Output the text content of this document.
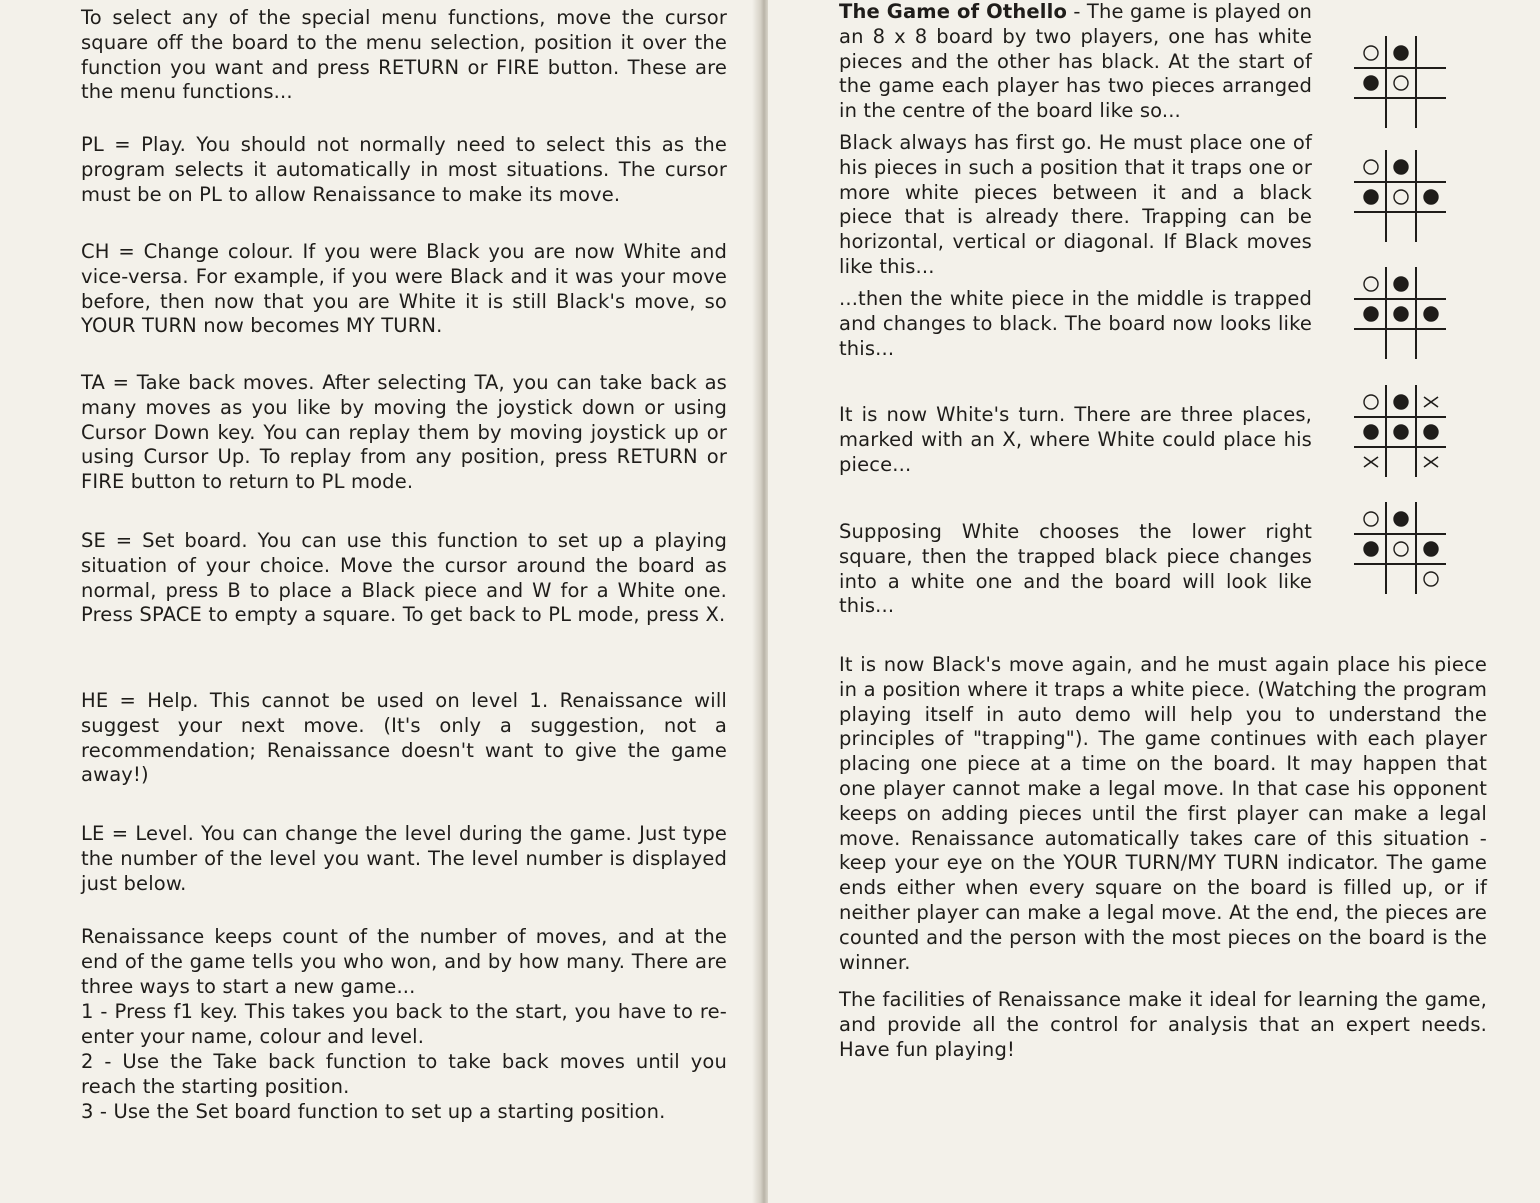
To select any of the special menu functions, move the cursor square off the board to the menu selection, position it over the function you want and press RETURN or FIRE button. These are the menu functions...

PL = Play. You should not normally need to select this as the program selects it automatically in most situations. The cursor must be on PL to allow Renaissance to make its move.

CH = Change colour. If you were Black you are now White and vice-versa. For example, if you were Black and it was your move before, then now that you are White it is still Black's move, so YOUR TURN now becomes MY TURN.

TA = Take back moves. After selecting TA, you can take back as many moves as you like by moving the joystick down or using Cursor Down key. You can replay them by moving joystick up or using Cursor Up. To replay from any position, press RETURN or FIRE button to return to PL mode.

SE = Set board. You can use this function to set up a playing situation of your choice. Move the cursor around the board as normal, press B to place a Black piece and W for a White one. Press SPACE to empty a square. To get back to PL mode, press X.

HE = Help. This cannot be used on level 1. Renaissance will suggest your next move. (It's only a suggestion, not a recommendation; Renaissance doesn't want to give the game away!)

LE = Level. You can change the level during the game. Just type the number of the level you want. The level number is displayed just below.

Renaissance keeps count of the number of moves, and at the end of the game tells you who won, and by how many. There are three ways to start a new game...

1 - Press f1 key. This takes you back to the start, you have to re-enter your name, colour and level.

2 - Use the Take back function to take back moves until you reach the starting position.

3 - Use the Set board function to set up a starting position.

The Game of Othello - The game is played on an 8 x 8 board by two players, one has white pieces and the other has black. At the start of the game each player has two pieces arranged in the centre of the board like so...

Black always has first go. He must place one of his pieces in such a position that it traps one or more white pieces between it and a black piece that is already there. Trapping can be horizontal, vertical or diagonal. If Black moves like this...

...then the white piece in the middle is trapped and changes to black. The board now looks like this...

It is now White's turn. There are three places, marked with an X, where White could place his piece...

Supposing White chooses the lower right square, then the trapped black piece changes into a white one and the board will look like this...

It is now Black's move again, and he must again place his piece in a position where it traps a white piece. (Watching the program playing itself in auto demo will help you to understand the principles of "trapping"). The game continues with each player placing one piece at a time on the board. It may happen that one player cannot make a legal move. In that case his opponent keeps on adding pieces until the first player can make a legal move. Renaissance automatically takes care of this situation - keep your eye on the YOUR TURN/MY TURN indicator. The game ends either when every square on the board is filled up, or if neither player can make a legal move. At the end, the pieces are counted and the person with the most pieces on the board is the winner.

The facilities of Renaissance make it ideal for learning the game, and provide all the control for analysis that an expert needs. Have fun playing!
